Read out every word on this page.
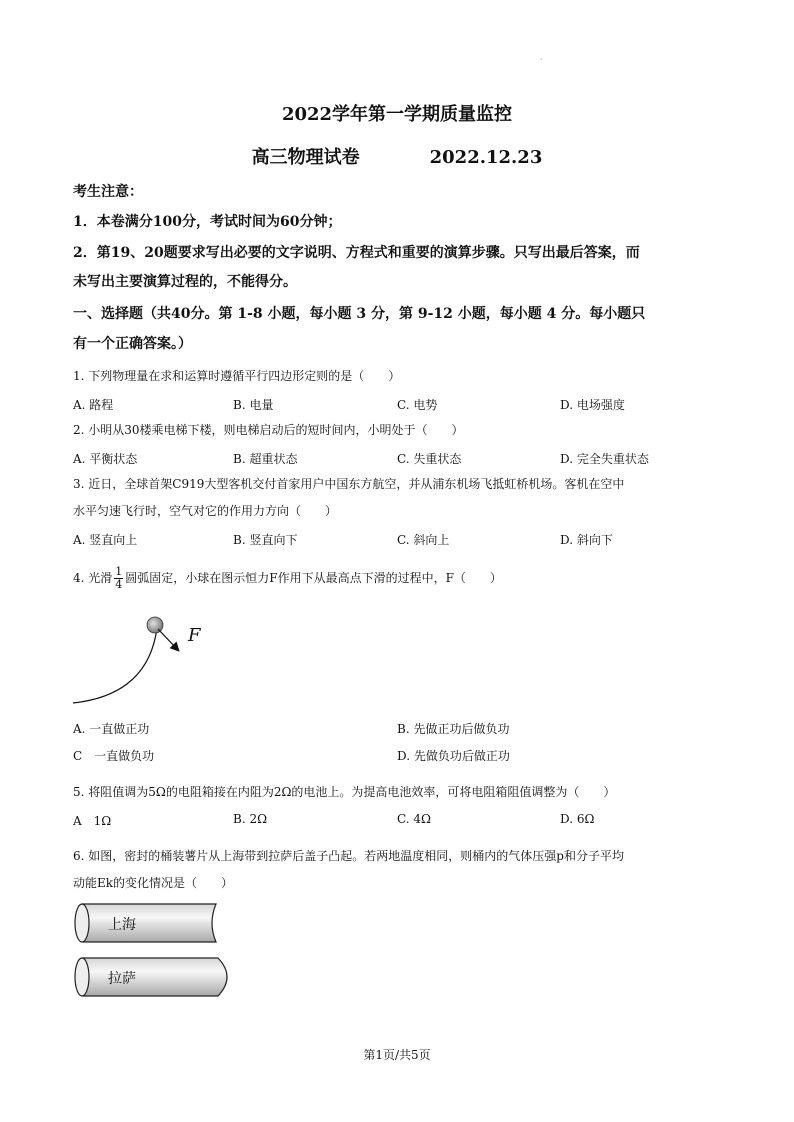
·
2022学年第一学期质量监控
高三物理试卷	2022.12.23
考生注意：
1．本卷满分100分，考试时间为60分钟；
2．第19、20题要求写出必要的文字说明、方程式和重要的演算步骤。只写出最后答案，而
未写出主要演算过程的，不能得分。
一、选择题（共40分。第 1-8 小题，每小题 3 分，第 9-12 小题，每小题 4 分。每小题只
有一个正确答案。）
1. 下列物理量在求和运算时遵循平行四边形定则的是（　　）
A. 路程	B. 电量	C. 电势	D. 电场强度
2. 小明从30楼乘电梯下楼，则电梯启动后的短时间内，小明处于（　　）
A. 平衡状态	B. 超重状态	C. 失重状态	D. 完全失重状态
3. 近日，全球首架C919大型客机交付首家用户中国东方航空，并从浦东机场飞抵虹桥机场。客机在空中
水平匀速飞行时，空气对它的作用力方向（　　）
A. 竖直向上	B. 竖直向下	C. 斜向上	D. 斜向下
4. 光滑 $\frac{1}{4}$ 圆弧固定，小球在图示恒力F作用下从最高点下滑的过程中，F（　　）
F
A. 一直做正功	B. 先做正功后做负功
C　一直做负功	D. 先做负功后做正功
5. 将阻值调为5Ω的电阻箱接在内阻为2Ω的电池上。为提高电池效率，可将电阻箱阻值调整为（　　）
A　1Ω	B. 2Ω	C. 4Ω	D. 6Ω
6. 如图，密封的桶装薯片从上海带到拉萨后盖子凸起。若两地温度相同，则桶内的气体压强p和分子平均
动能Ek的变化情况是（　　）
上海
拉萨
第1页/共5页
